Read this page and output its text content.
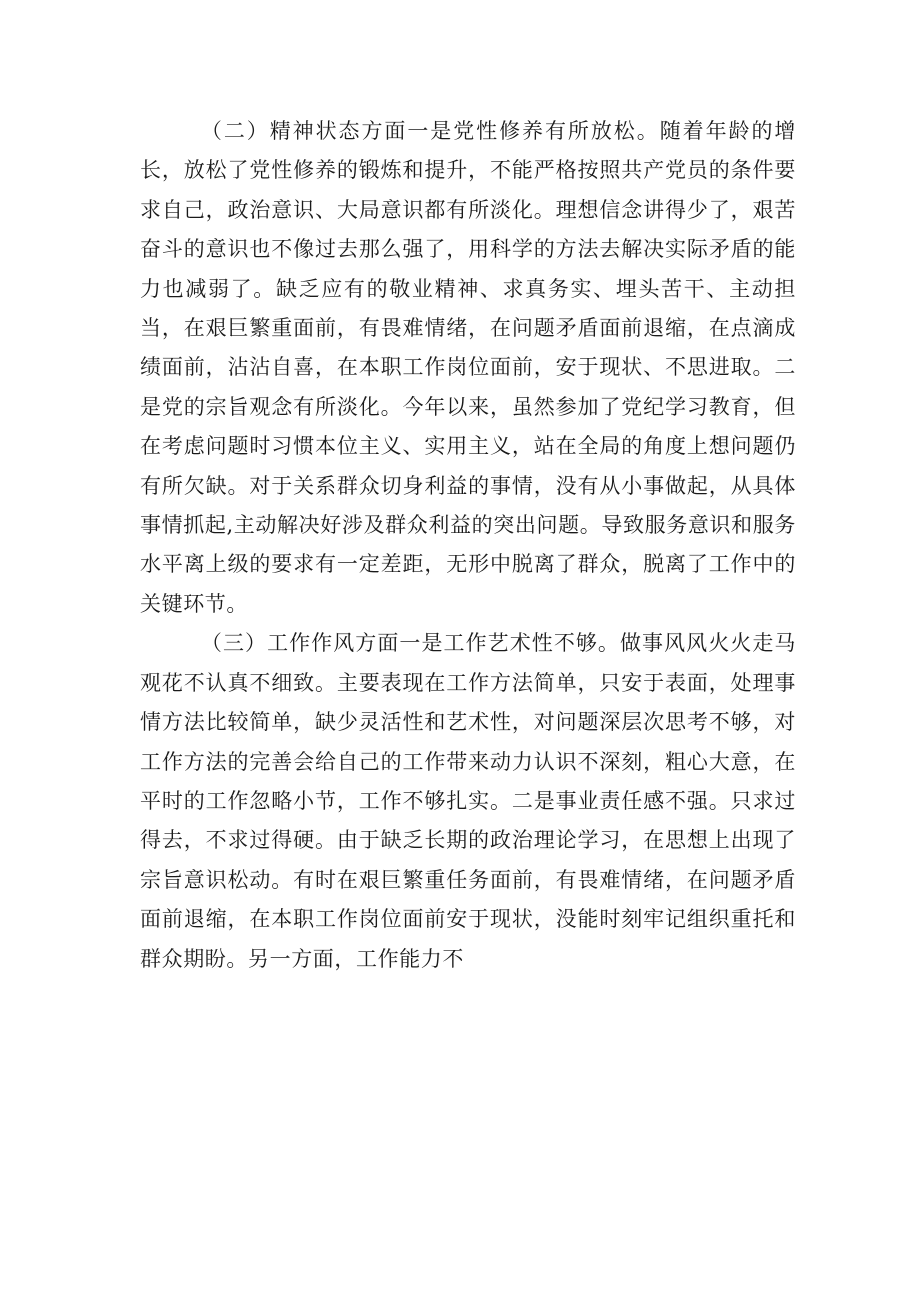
（二）精神状态方面一是党性修养有所放松。随着年龄的增长，放松了党性修养的锻炼和提升，不能严格按照共产党员的条件要求自己，政治意识、大局意识都有所淡化。理想信念讲得少了，艰苦奋斗的意识也不像过去那么强了，用科学的方法去解决实际矛盾的能力也减弱了。缺乏应有的敬业精神、求真务实、埋头苦干、主动担当，在艰巨繁重面前，有畏难情绪，在问题矛盾面前退缩，在点滴成绩面前，沾沾自喜，在本职工作岗位面前，安于现状、不思进取。二是党的宗旨观念有所淡化。今年以来，虽然参加了党纪学习教育，但在考虑问题时习惯本位主义、实用主义，站在全局的角度上想问题仍有所欠缺。对于关系群众切身利益的事情，没有从小事做起，从具体事情抓起,主动解决好涉及群众利益的突出问题。导致服务意识和服务水平离上级的要求有一定差距，无形中脱离了群众，脱离了工作中的关键环节。

（三）工作作风方面一是工作艺术性不够。做事风风火火走马观花不认真不细致。主要表现在工作方法简单，只安于表面，处理事情方法比较简单，缺少灵活性和艺术性，对问题深层次思考不够，对工作方法的完善会给自己的工作带来动力认识不深刻，粗心大意，在平时的工作忽略小节，工作不够扎实。二是事业责任感不强。只求过得去，不求过得硬。由于缺乏长期的政治理论学习，在思想上出现了宗旨意识松动。有时在艰巨繁重任务面前，有畏难情绪，在问题矛盾面前退缩，在本职工作岗位面前安于现状，没能时刻牢记组织重托和群众期盼。另一方面，工作能力不
